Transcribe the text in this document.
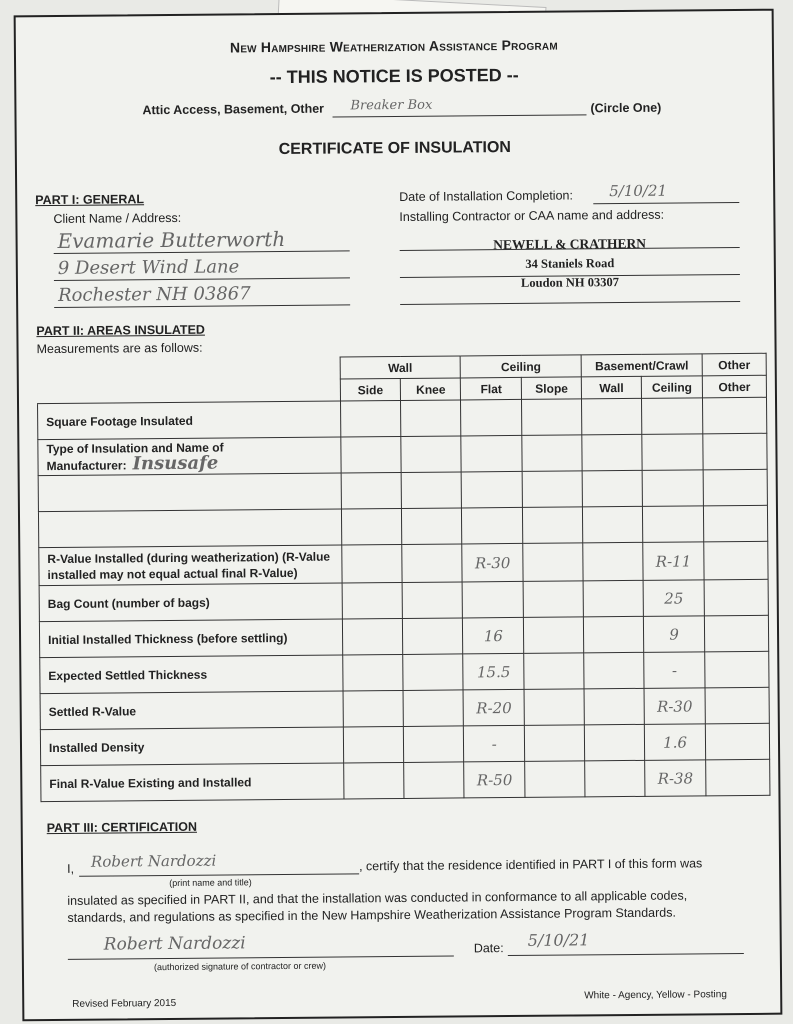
New Hampshire Weatherization Assistance Program
-- THIS NOTICE IS POSTED --
Attic Access, Basement, Other Breaker Box	(Circle One)
CERTIFICATE OF INSULATION
PART I: GENERAL
Client Name / Address:
Evamarie Butterworth
9 Desert Wind Lane
Rochester NH 03867
Date of Installation Completion: 5/10/21
Installing Contractor or CAA name and address:
NEWELL & CRATHERN
34 Staniels Road
Loudon NH 03307
PART II: AREAS INSULATED
Measurements are as follows:
	Wall		Ceiling		Basement/Crawl		Other
	Side	Knee	Flat	Slope	Wall	Ceiling	Other
Square Footage Insulated							
Type of Insulation and Name of Manufacturer: Insusafe							

R-Value Installed (during weatherization) (R-Value installed may not equal actual final R-Value)			R-30			R-11	
Bag Count (number of bags)						25	
Initial Installed Thickness (before settling)			16			9	
Expected Settled Thickness			15.5			-	
Settled R-Value			R-20			R-30	
Installed Density			-			1.6	
Final R-Value Existing and Installed			R-50			R-38	
PART III: CERTIFICATION
I, Robert Nardozzi	, certify that the residence identified in PART I of this form was
(print name and title)
insulated as specified in PART II, and that the installation was conducted in conformance to all applicable codes,
standards, and regulations as specified in the New Hampshire Weatherization Assistance Program Standards.
Robert Nardozzi
(authorized signature of contractor or crew)
Date: 5/10/21
Revised February 2015
White - Agency, Yellow - Posting
